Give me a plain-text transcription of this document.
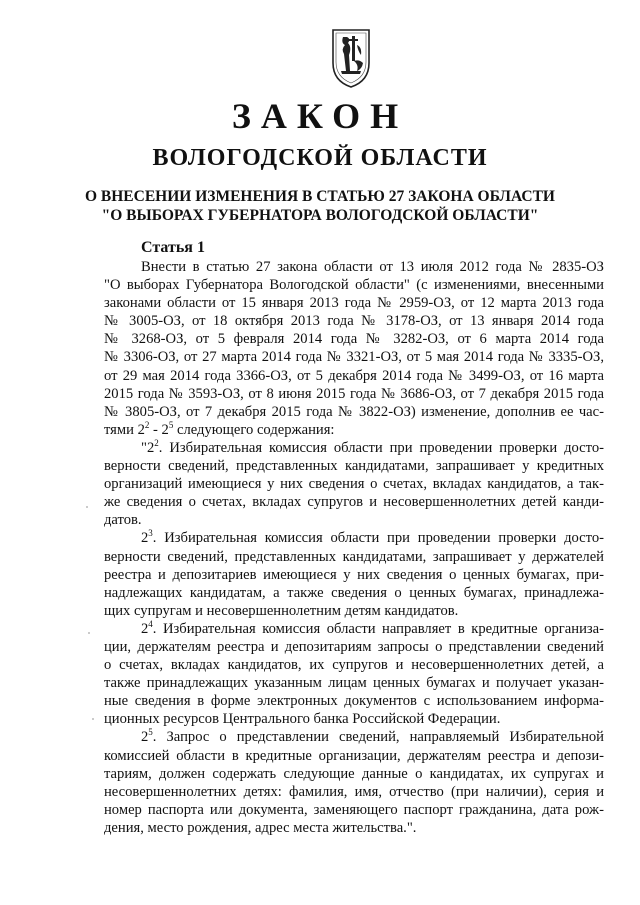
ЗАКОН
ВОЛОГОДСКОЙ ОБЛАСТИ
О ВНЕСЕНИИ ИЗМЕНЕНИЯ В СТАТЬЮ 27 ЗАКОНА ОБЛАСТИ
"О ВЫБОРАХ ГУБЕРНАТОРА ВОЛОГОДСКОЙ ОБЛАСТИ"
Статья 1
Внести в статью 27 закона области от 13 июля 2012 года № 2835-ОЗ
"О выборах Губернатора Вологодской области" (с изменениями, внесенными
законами области от 15 января 2013 года № 2959-ОЗ, от 12 марта 2013 года
№ 3005-ОЗ, от 18 октября 2013 года № 3178-ОЗ, от 13 января 2014 года
№ 3268-ОЗ, от 5 февраля 2014 года № 3282-ОЗ, от 6 марта 2014 года
№ 3306-ОЗ, от 27 марта 2014 года № 3321-ОЗ, от 5 мая 2014 года № 3335-ОЗ,
от 29 мая 2014 года 3366-ОЗ, от 5 декабря 2014 года № 3499-ОЗ, от 16 марта
2015 года № 3593-ОЗ, от 8 июня 2015 года № 3686-ОЗ, от 7 декабря 2015 года
№ 3805-ОЗ, от 7 декабря 2015 года № 3822-ОЗ) изменение, дополнив ее час-
тями $2^2 - 2^5$ следующего содержания:
"$2^2$. Избирательная комиссия области при проведении проверки досто-
верности сведений, представленных кандидатами, запрашивает у кредитных
организаций имеющиеся у них сведения о счетах, вкладах кандидатов, а так-
же сведения о счетах, вкладах супругов и несовершеннолетних детей канди-
датов.
$2^3$. Избирательная комиссия области при проведении проверки досто-
верности сведений, представленных кандидатами, запрашивает у держателей
реестра и депозитариев имеющиеся у них сведения о ценных бумагах, при-
надлежащих кандидатам, а также сведения о ценных бумагах, принадлежа-
щих супругам и несовершеннолетним детям кандидатов.
$2^4$. Избирательная комиссия области направляет в кредитные организа-
ции, держателям реестра и депозитариям запросы о представлении сведений
о счетах, вкладах кандидатов, их супругов и несовершеннолетних детей, а
также принадлежащих указанным лицам ценных бумагах и получает указан-
ные сведения в форме электронных документов с использованием информа-
ционных ресурсов Центрального банка Российской Федерации.
$2^5$. Запрос о представлении сведений, направляемый Избирательной
комиссией области в кредитные организации, держателям реестра и депози-
тариям, должен содержать следующие данные о кандидатах, их супругах и
несовершеннолетних детях: фамилия, имя, отчество (при наличии), серия и
номер паспорта или документа, заменяющего паспорт гражданина, дата рож-
дения, место рождения, адрес места жительства.".
